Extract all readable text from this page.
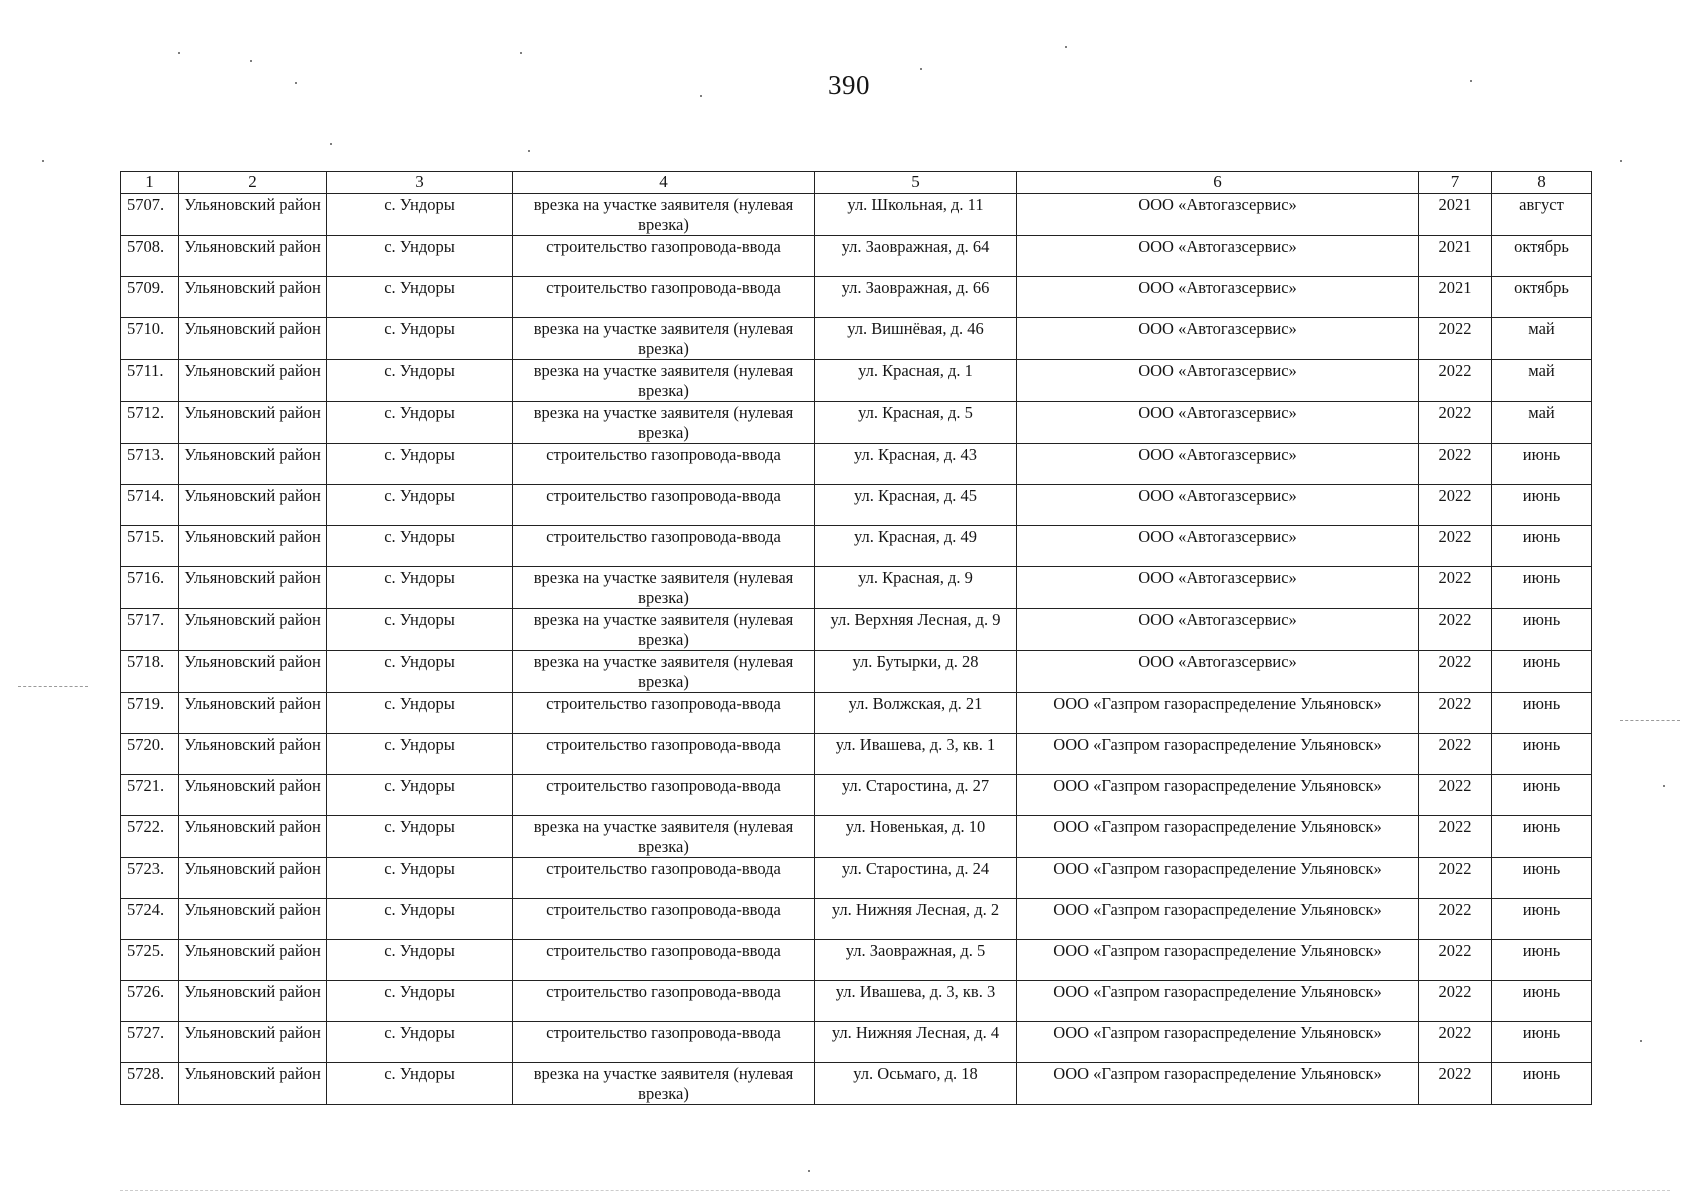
390
1	2	3	4	5	6	7	8
5707.	Ульяновский район	с. Ундоры	врезка на участке заявителя (нулевая врезка)	ул. Школьная, д. 11	ООО «Автогазсервис»	2021	август
5708.	Ульяновский район	с. Ундоры	строительство газопровода-ввода	ул. Заовражная, д. 64	ООО «Автогазсервис»	2021	октябрь
5709.	Ульяновский район	с. Ундоры	строительство газопровода-ввода	ул. Заовражная, д. 66	ООО «Автогазсервис»	2021	октябрь
5710.	Ульяновский район	с. Ундоры	врезка на участке заявителя (нулевая врезка)	ул. Вишнёвая, д. 46	ООО «Автогазсервис»	2022	май
5711.	Ульяновский район	с. Ундоры	врезка на участке заявителя (нулевая врезка)	ул. Красная, д. 1	ООО «Автогазсервис»	2022	май
5712.	Ульяновский район	с. Ундоры	врезка на участке заявителя (нулевая врезка)	ул. Красная, д. 5	ООО «Автогазсервис»	2022	май
5713.	Ульяновский район	с. Ундоры	строительство газопровода-ввода	ул. Красная, д. 43	ООО «Автогазсервис»	2022	июнь
5714.	Ульяновский район	с. Ундоры	строительство газопровода-ввода	ул. Красная, д. 45	ООО «Автогазсервис»	2022	июнь
5715.	Ульяновский район	с. Ундоры	строительство газопровода-ввода	ул. Красная, д. 49	ООО «Автогазсервис»	2022	июнь
5716.	Ульяновский район	с. Ундоры	врезка на участке заявителя (нулевая врезка)	ул. Красная, д. 9	ООО «Автогазсервис»	2022	июнь
5717.	Ульяновский район	с. Ундоры	врезка на участке заявителя (нулевая врезка)	ул. Верхняя Лесная, д. 9	ООО «Автогазсервис»	2022	июнь
5718.	Ульяновский район	с. Ундоры	врезка на участке заявителя (нулевая врезка)	ул. Бутырки, д. 28	ООО «Автогазсервис»	2022	июнь
5719.	Ульяновский район	с. Ундоры	строительство газопровода-ввода	ул. Волжская, д. 21	ООО «Газпром газораспределение Ульяновск»	2022	июнь
5720.	Ульяновский район	с. Ундоры	строительство газопровода-ввода	ул. Ивашева, д. 3, кв. 1	ООО «Газпром газораспределение Ульяновск»	2022	июнь
5721.	Ульяновский район	с. Ундоры	строительство газопровода-ввода	ул. Старостина, д. 27	ООО «Газпром газораспределение Ульяновск»	2022	июнь
5722.	Ульяновский район	с. Ундоры	врезка на участке заявителя (нулевая врезка)	ул. Новенькая, д. 10	ООО «Газпром газораспределение Ульяновск»	2022	июнь
5723.	Ульяновский район	с. Ундоры	строительство газопровода-ввода	ул. Старостина, д. 24	ООО «Газпром газораспределение Ульяновск»	2022	июнь
5724.	Ульяновский район	с. Ундоры	строительство газопровода-ввода	ул. Нижняя Лесная, д. 2	ООО «Газпром газораспределение Ульяновск»	2022	июнь
5725.	Ульяновский район	с. Ундоры	строительство газопровода-ввода	ул. Заовражная, д. 5	ООО «Газпром газораспределение Ульяновск»	2022	июнь
5726.	Ульяновский район	с. Ундоры	строительство газопровода-ввода	ул. Ивашева, д. 3, кв. 3	ООО «Газпром газораспределение Ульяновск»	2022	июнь
5727.	Ульяновский район	с. Ундоры	строительство газопровода-ввода	ул. Нижняя Лесная, д. 4	ООО «Газпром газораспределение Ульяновск»	2022	июнь
5728.	Ульяновский район	с. Ундоры	врезка на участке заявителя (нулевая врезка)	ул. Осьмаго, д. 18	ООО «Газпром газораспределение Ульяновск»	2022	июнь
